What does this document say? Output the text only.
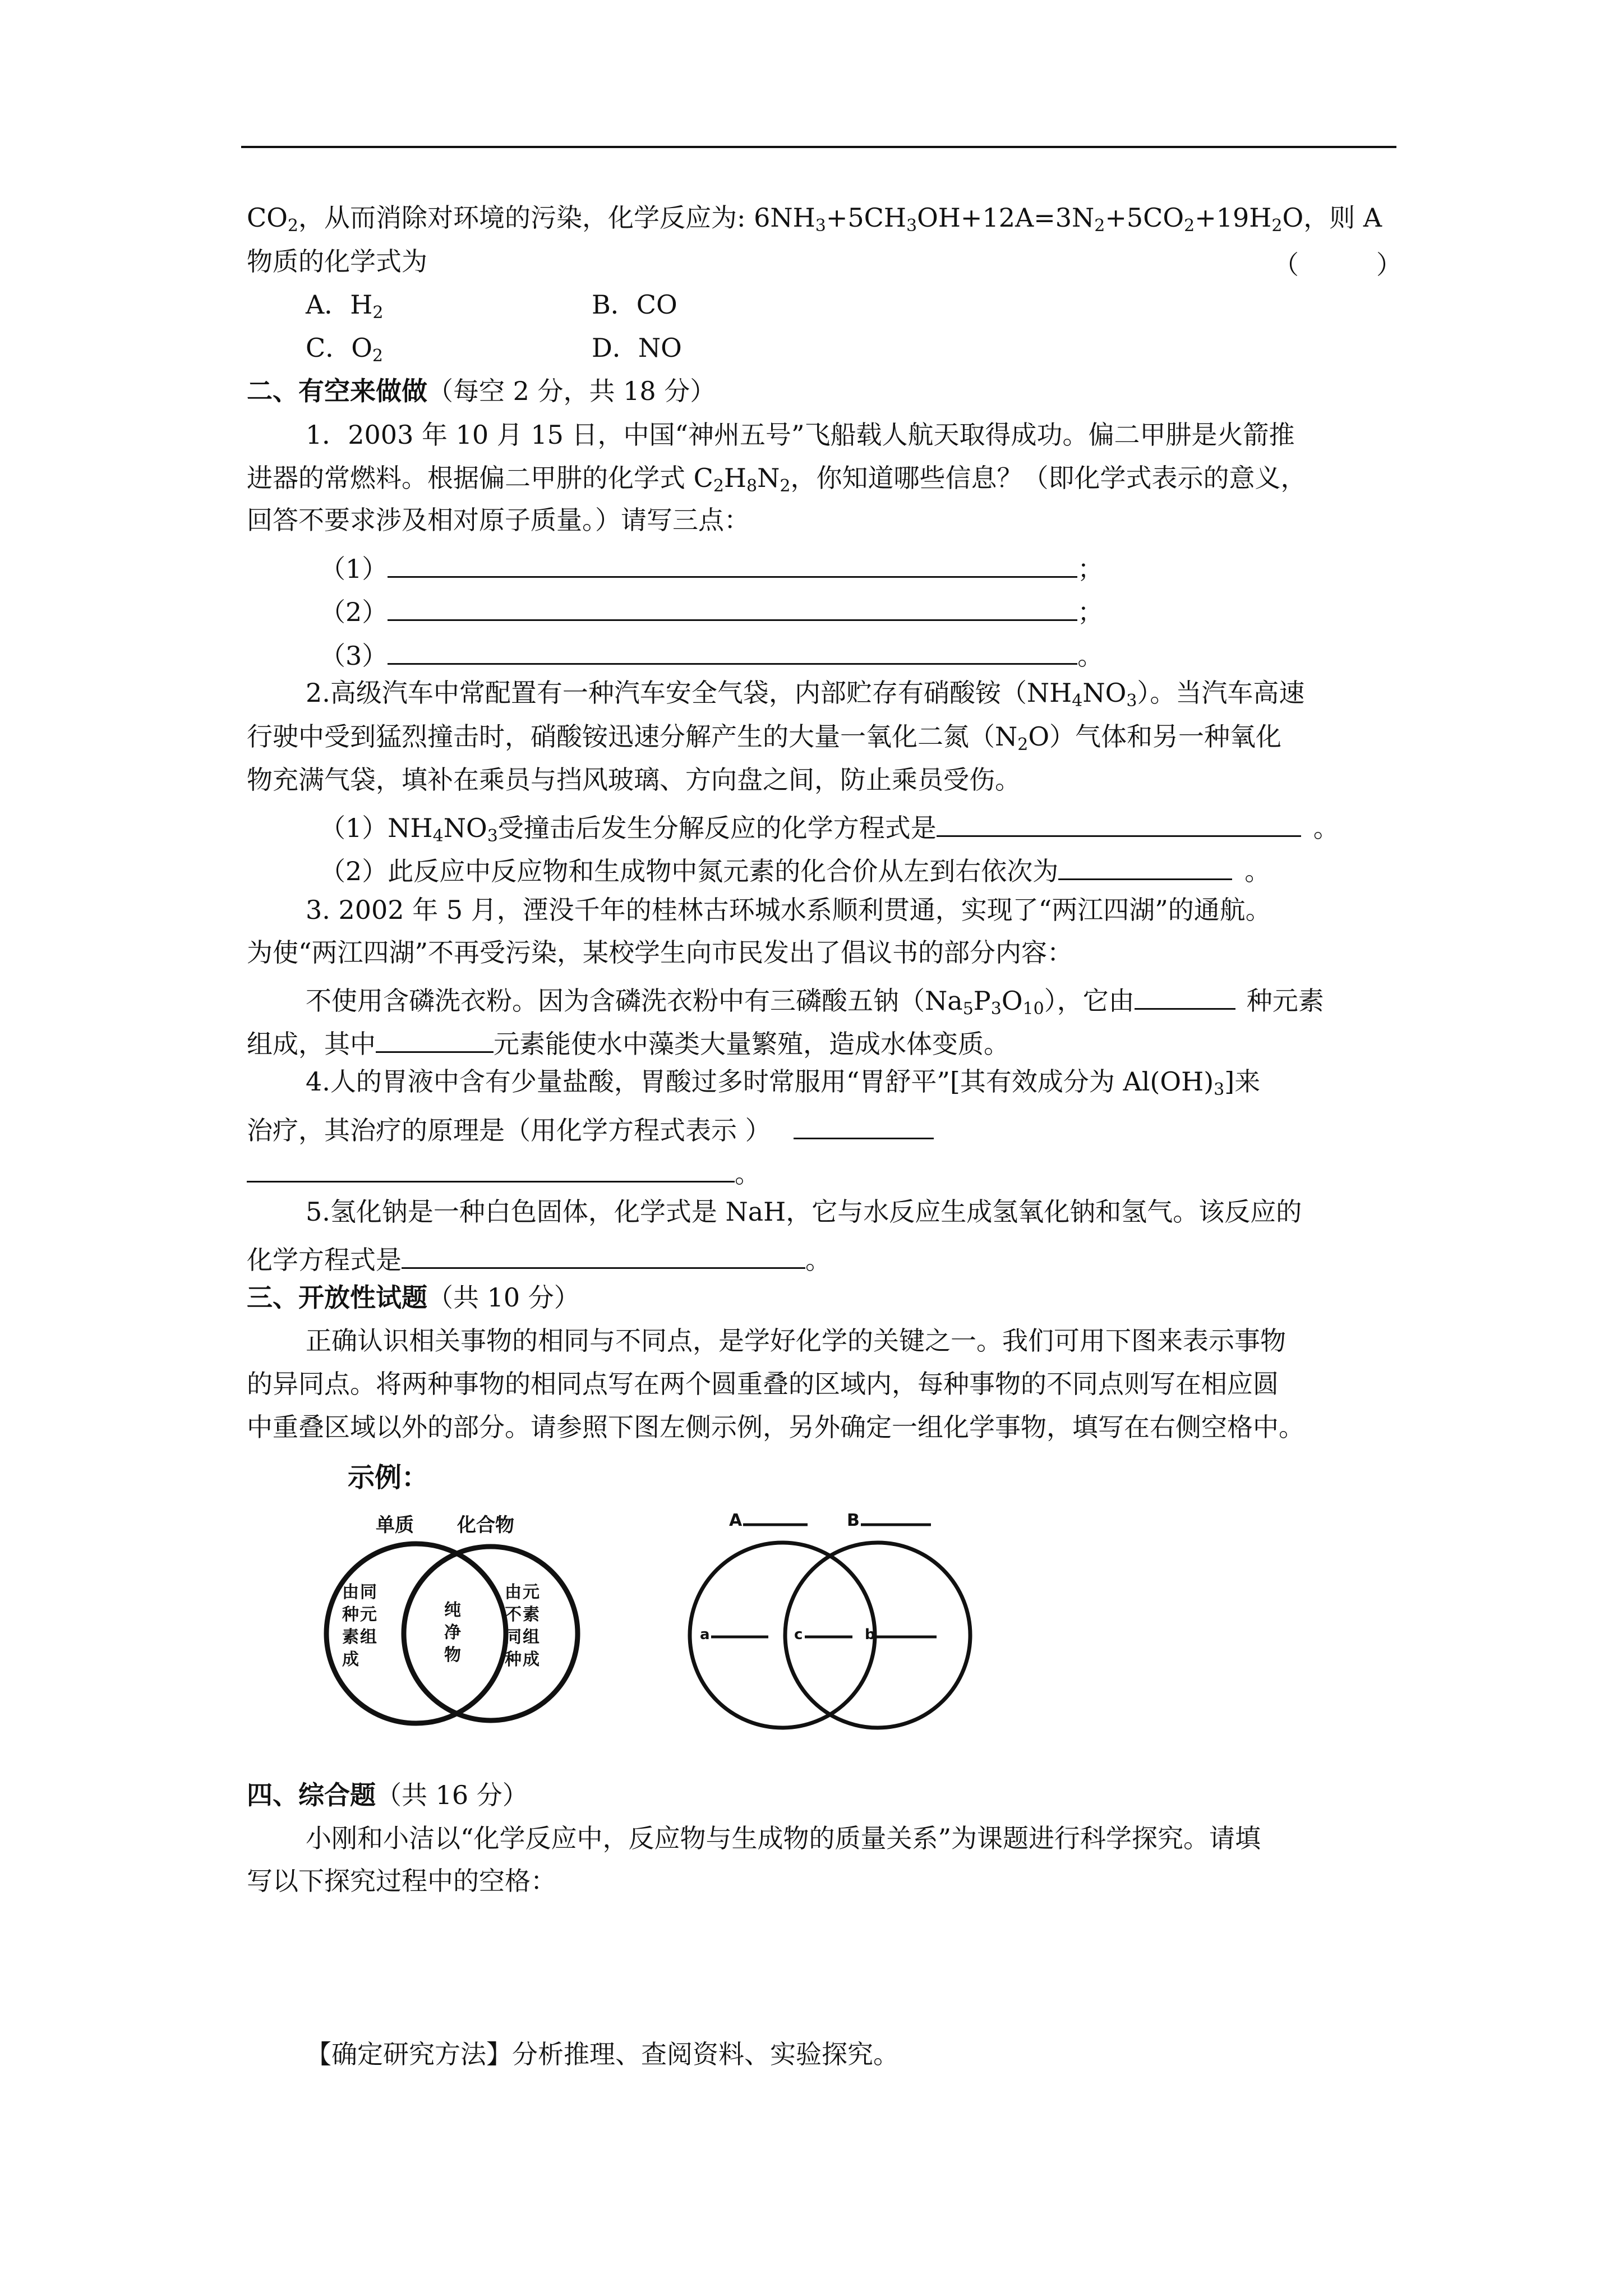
$CO_2$，从而消除对环境的污染，化学反应为: $6NH_3+5CH_3OH+12A=3N_2+5CO_2+19H_2O$，则 A
物质的化学式为	（　　　）
A．$H_2$	B．CO
C．$O_2$	D．NO
二、有空来做做（每空 2 分，共 18 分）
1．2003 年 10 月 15 日，中国“神州五号”飞船载人航天取得成功。偏二甲肼是火箭推
进器的常燃料。根据偏二甲肼的化学式 $C_2H_8N_2$，你知道哪些信息？（即化学式表示的意义，
回答不要求涉及相对原子质量。）请写三点：
（1）	；
（2）	；
（3）	。
2.高级汽车中常配置有一种汽车安全气袋，内部贮存有硝酸铵$(NH_4NO_3)$。当汽车高速
行驶中受到猛烈撞击时，硝酸铵迅速分解产生的大量一氧化二氮$(N_2O)$气体和另一种氧化
物充满气袋，填补在乘员与挡风玻璃、方向盘之间，防止乘员受伤。
$(1)NH_4NO_3$受撞击后发生分解反应的化学方程式是	。
（2）此反应中反应物和生成物中氮元素的化合价从左到右依次为	。
3. 2002 年 5 月，湮没千年的桂林古环城水系顺利贯通，实现了“两江四湖”的通航。
为使“两江四湖”不再受污染，某校学生向市民发出了倡议书的部分内容：
不使用含磷洗衣粉。因为含磷洗衣粉中有三磷酸五钠$(Na_5P_3O_{10})$，它由	种元素
组成，其中	元素能使水中藻类大量繁殖，造成水体变质。
4.人的胃液中含有少量盐酸，胃酸过多时常服用“胃舒平”[其有效成分为 $Al(OH)_3$]来
治疗，其治疗的原理是（用化学方程式表示 ）
。
5.氢化钠是一种白色固体，化学式是 NaH，它与水反应生成氢氧化钠和氢气。该反应的
化学方程式是	。
三、开放性试题（共 10 分）
正确认识相关事物的相同与不同点，是学好化学的关键之一。我们可用下图来表示事物
的异同点。将两种事物的相同点写在两个圆重叠的区域内，每种事物的不同点则写在相应圆
中重叠区域以外的部分。请参照下图左侧示例，另外确定一组化学事物，填写在右侧空格中。
示例：
单质 化合物
由
种
素
成
同
元
组
纯
净
物
由
不
同
种
元
素
组
成
A	B
a	c	b
四、综合题（共 16 分）
小刚和小洁以“化学反应中，反应物与生成物的质量关系”为课题进行科学探究。请填
写以下探究过程中的空格：
【确定研究方法】分析推理、查阅资料、实验探究。
